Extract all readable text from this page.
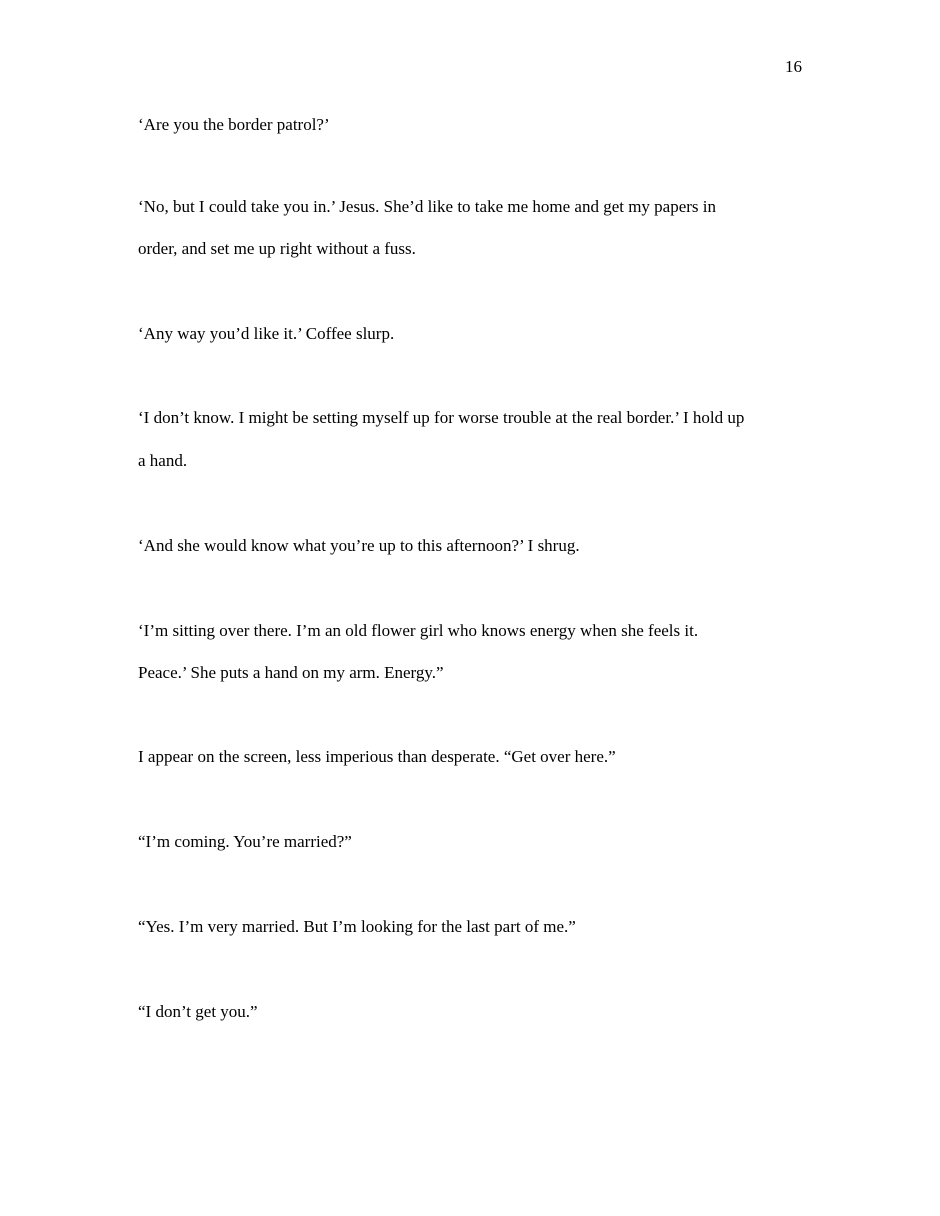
16
‘Are you the border patrol?’
‘No, but I could take you in.’ Jesus. She’d like to take me home and get my papers in
order, and set me up right without a fuss.
‘Any way you’d like it.’ Coffee slurp.
‘I don’t know. I might be setting myself up for worse trouble at the real border.’ I hold up
a hand.
‘And she would know what you’re up to this afternoon?’ I shrug.
‘I’m sitting over there. I’m an old flower girl who knows energy when she feels it.
Peace.’ She puts a hand on my arm. Energy.”
I appear on the screen, less imperious than desperate. “Get over here.”
“I’m coming. You’re married?”
“Yes. I’m very married. But I’m looking for the last part of me.”
“I don’t get you.”
